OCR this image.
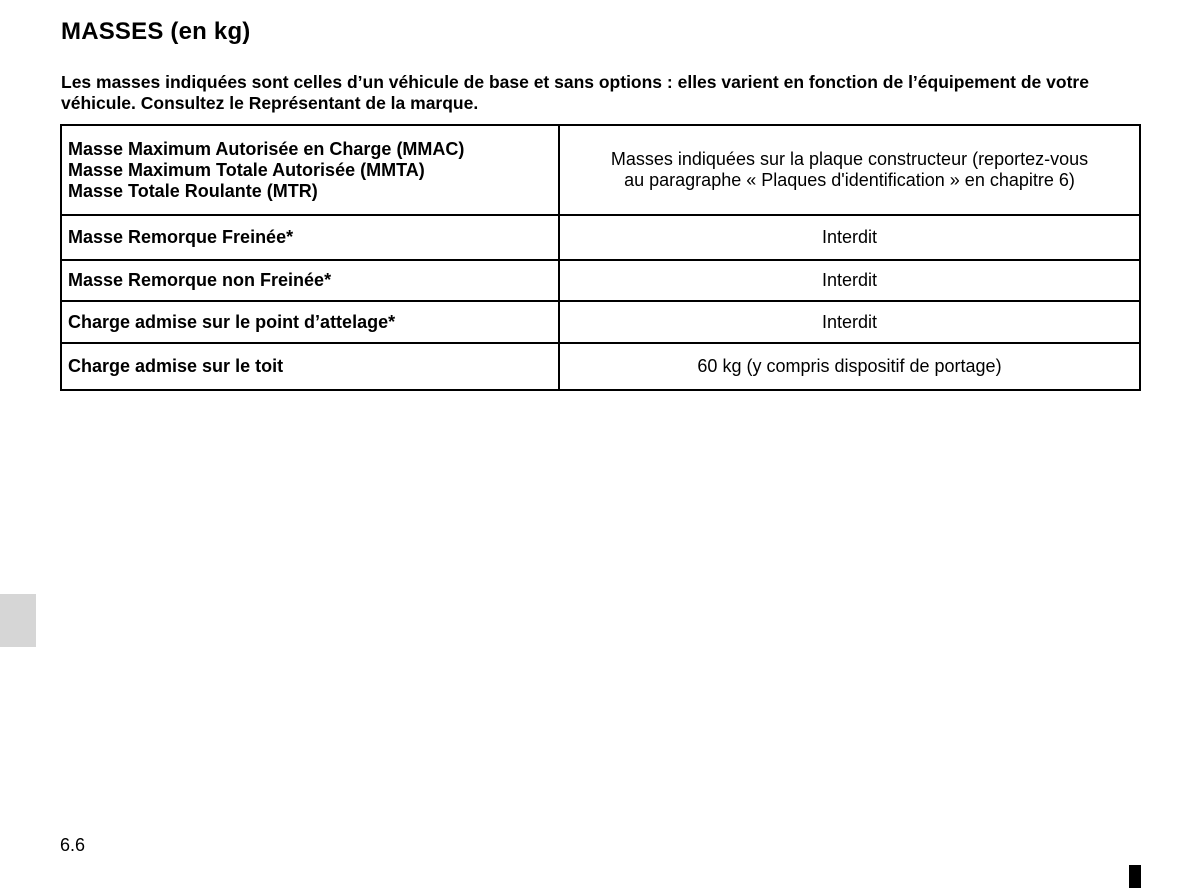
MASSES (en kg)
Les masses indiquées sont celles d’un véhicule de base et sans options : elles varient en fonction de l’équipement de votre véhicule. Consultez le Représentant de la marque.
Masse Maximum Autorisée en Charge (MMAC)
Masse Maximum Totale Autorisée (MMTA)
Masse Totale Roulante (MTR)	Masses indiquées sur la plaque constructeur (reportez-vous
au paragraphe « Plaques d'identification » en chapitre 6)

Masse Remorque Freinée*	Interdit
Masse Remorque non Freinée*	Interdit
Charge admise sur le point d’attelage*	Interdit
Charge admise sur le toit	60 kg (y compris dispositif de portage)
6.6
